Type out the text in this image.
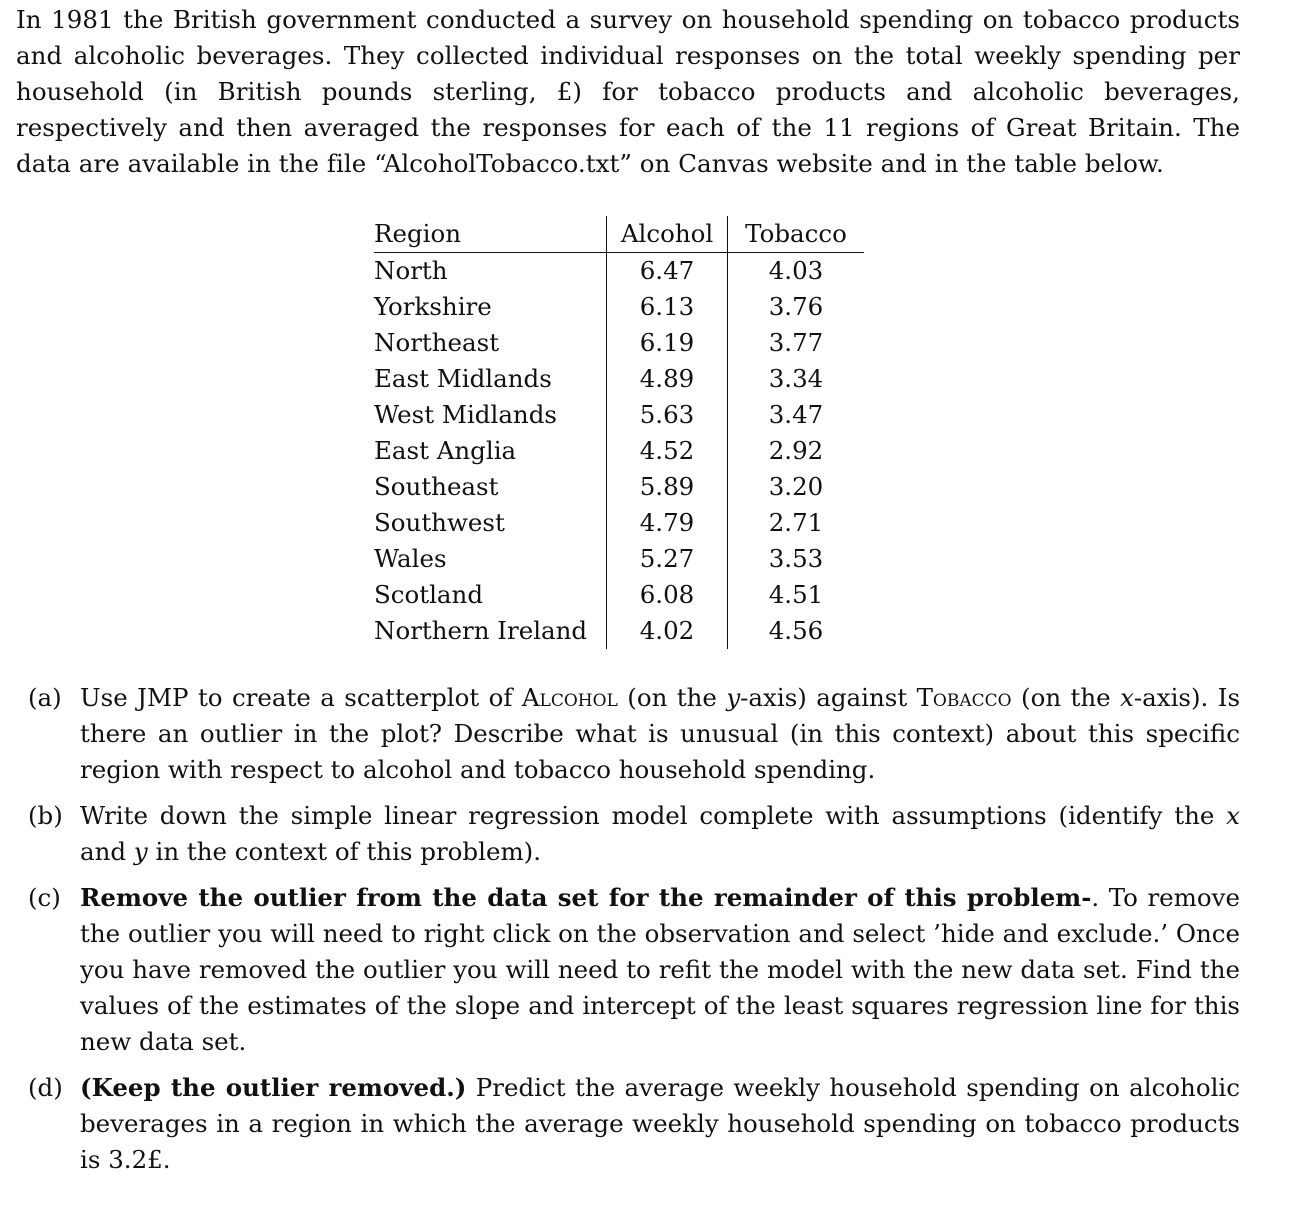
In 1981 the British government conducted a survey on household spending on tobacco products and alcoholic beverages. They collected individual responses on the total weekly spending per household (in British pounds sterling, £) for tobacco products and alcoholic beverages, respectively and then averaged the responses for each of the 11 regions of Great Britain. The data are available in the file “AlcoholTobacco.txt” on Canvas website and in the table below.

Region	Alcohol	Tobacco
North	6.47	4.03
Yorkshire	6.13	3.76
Northeast	6.19	3.77
East Midlands	4.89	3.34
West Midlands	5.63	3.47
East Anglia	4.52	2.92
Southeast	5.89	3.20
Southwest	4.79	2.71
Wales	5.27	3.53
Scotland	6.08	4.51
Northern Ireland	4.02	4.56
(a) Use JMP to create a scatterplot of Alcohol (on the y-axis) against Tobacco (on the x-axis). Is there an outlier in the plot? Describe what is unusual (in this context) about this specific region with respect to alcohol and tobacco household spending.
(b) Write down the simple linear regression model complete with assumptions (identify the x and y in the context of this problem).
(c) Remove the outlier from the data set for the remainder of this problem-. To remove the outlier you will need to right click on the observation and select ’hide and exclude.’ Once you have removed the outlier you will need to refit the model with the new data set. Find the values of the estimates of the slope and intercept of the least squares regression line for this new data set.
(d) (Keep the outlier removed.) Predict the average weekly household spending on alcoholic beverages in a region in which the average weekly household spending on tobacco products is 3.2£.
